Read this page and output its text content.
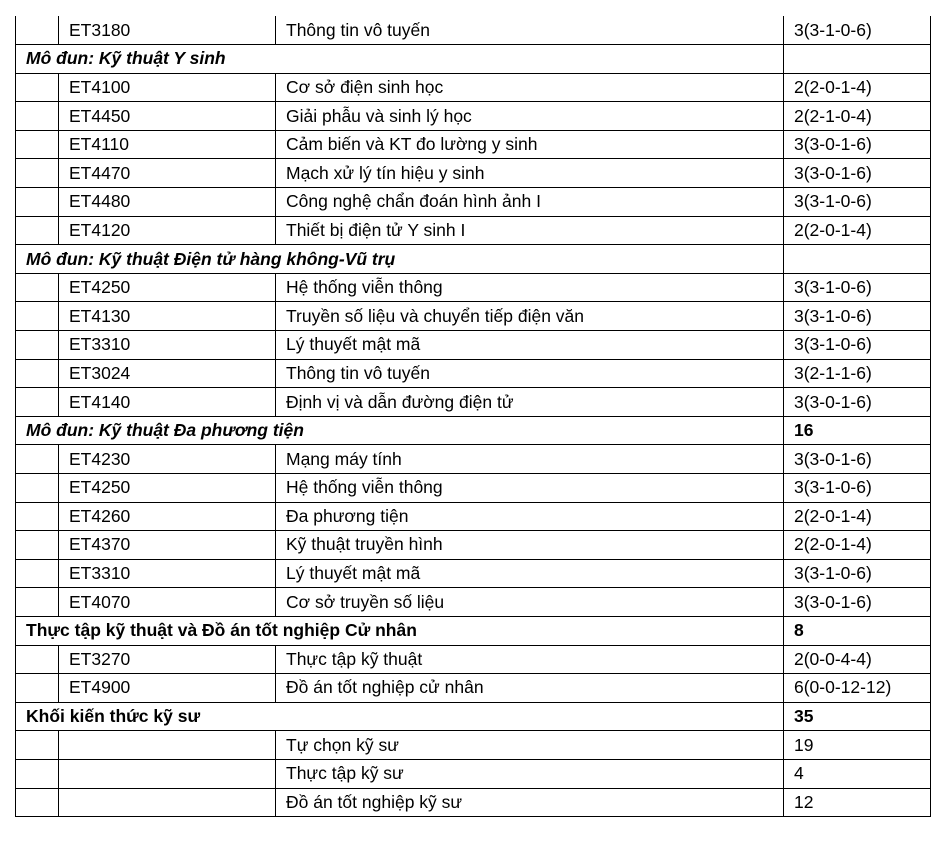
	ET3180	Thông tin vô tuyến	3(3-1-0-6)
Mô đun: Kỹ thuật Y sinh			
	ET4100	Cơ sở điện sinh học	2(2-0-1-4)
	ET4450	Giải phẫu và sinh lý học	2(2-1-0-4)
	ET4110	Cảm biến và KT đo lường y sinh	3(3-0-1-6)
	ET4470	Mạch xử lý tín hiệu y sinh	3(3-0-1-6)
	ET4480	Công nghệ chẩn đoán hình ảnh I	3(3-1-0-6)
	ET4120	Thiết bị điện tử Y sinh I	2(2-0-1-4)
Mô đun: Kỹ thuật Điện tử hàng không-Vũ trụ			
	ET4250	Hệ thống viễn thông	3(3-1-0-6)
	ET4130	Truyền số liệu và chuyển tiếp điện văn	3(3-1-0-6)
	ET3310	Lý thuyết mật mã	3(3-1-0-6)
	ET3024	Thông tin vô tuyến	3(2-1-1-6)
	ET4140	Định vị và dẫn đường điện tử	3(3-0-1-6)
Mô đun: Kỹ thuật Đa phương tiện			16
	ET4230	Mạng máy tính	3(3-0-1-6)
	ET4250	Hệ thống viễn thông	3(3-1-0-6)
	ET4260	Đa phương tiện	2(2-0-1-4)
	ET4370	Kỹ thuật truyền hình	2(2-0-1-4)
	ET3310	Lý thuyết mật mã	3(3-1-0-6)
	ET4070	Cơ sở truyền số liệu	3(3-0-1-6)
Thực tập kỹ thuật và Đồ án tốt nghiệp Cử nhân			8
	ET3270	Thực tập kỹ thuật	2(0-0-4-4)
	ET4900	Đồ án tốt nghiệp cử nhân	6(0-0-12-12)
Khối kiến thức kỹ sư			35
		Tự chọn kỹ sư	19
		Thực tập kỹ sư	4
		Đồ án tốt nghiệp kỹ sư	12
